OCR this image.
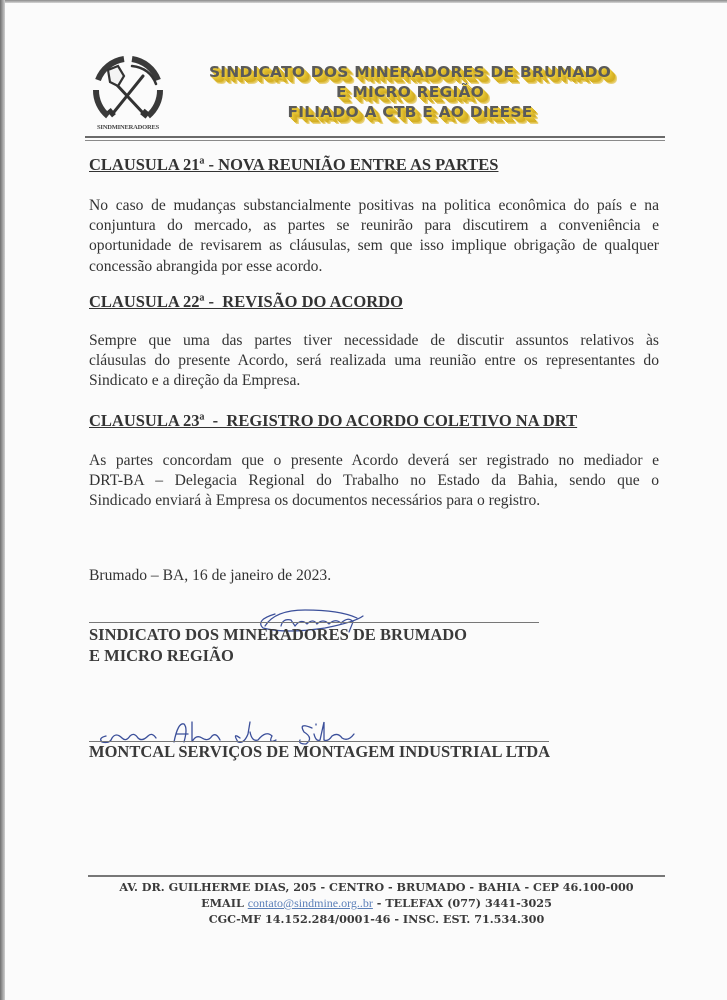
SINDMINERADORES
SINDICATO DOS MINERADORES DE BRUMADO
E MICRO REGIÃO
FILIADO A CTB E AO DIEESE
CLAUSULA 21ª - NOVA REUNIÃO ENTRE AS PARTES
No caso de mudanças substancialmente positivas na politica econômica do país e na
conjuntura do mercado, as partes se reunirão para discutirem a conveniência e
oportunidade de revisarem as cláusulas, sem que isso implique obrigação de qualquer
concessão abrangida por esse acordo.
CLAUSULA 22ª -  REVISÃO DO ACORDO
Sempre que uma das partes tiver necessidade de discutir assuntos relativos às
cláusulas do presente Acordo, será realizada uma reunião entre os representantes do
Sindicato e a direção da Empresa.
CLAUSULA 23ª  -  REGISTRO DO ACORDO COLETIVO NA DRT
As partes concordam que o presente Acordo deverá ser registrado no mediador e
DRT-BA – Delegacia Regional do Trabalho no Estado da Bahia, sendo que o
Sindicado enviará à Empresa os documentos necessários para o registro.
Brumado – BA, 16 de janeiro de 2023.
SINDICATO DOS MINERADORES DE BRUMADO
E MICRO REGIÃO
MONTCAL SERVIÇOS DE MONTAGEM INDUSTRIAL LTDA
AV. DR. GUILHERME DIAS, 205 - CENTRO - BRUMADO - BAHIA - CEP 46.100-000
EMAIL contato@sindmine.org..br - TELEFAX (077) 3441-3025
CGC-MF 14.152.284/0001-46 - INSC. EST. 71.534.300
